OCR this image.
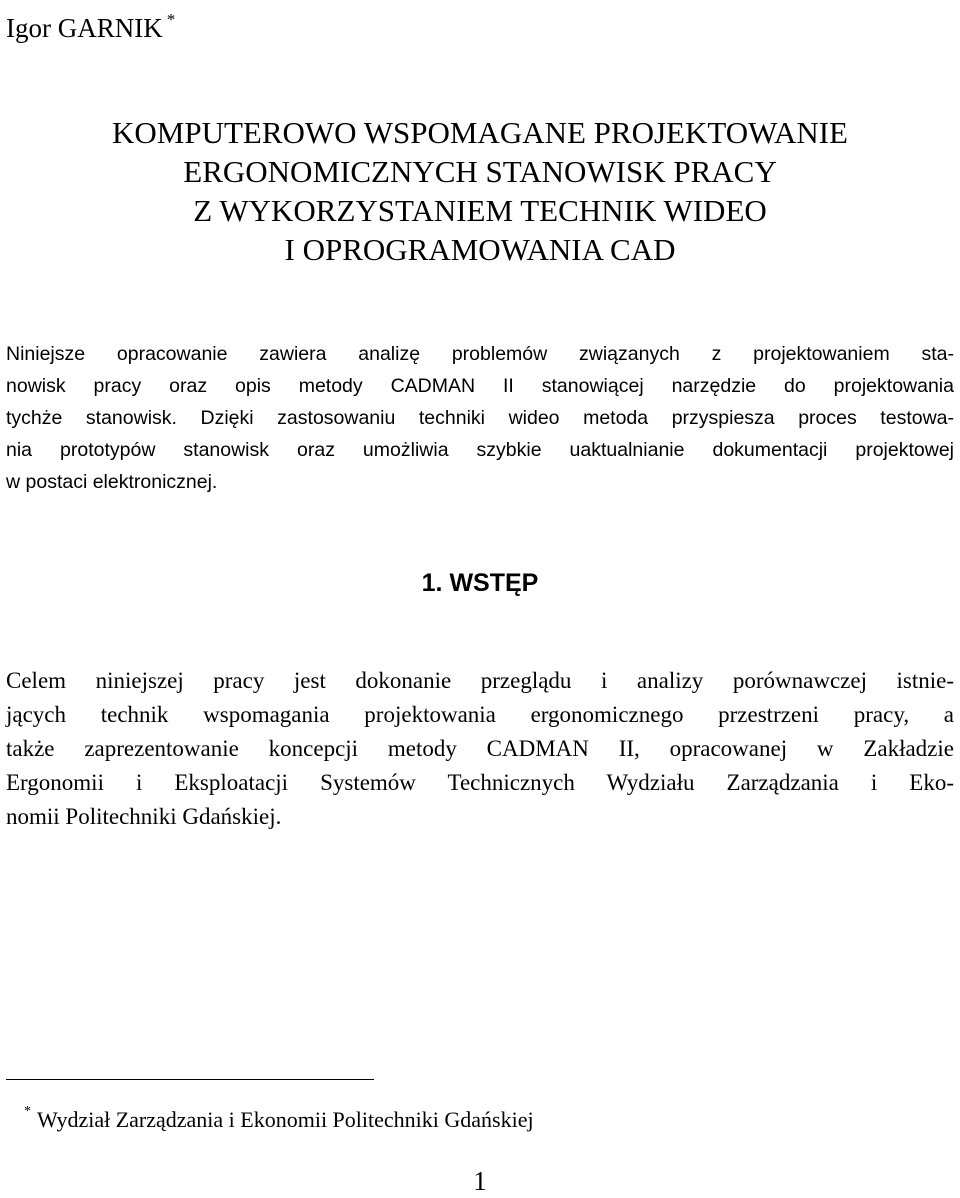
Igor GARNIK *
KOMPUTEROWO WSPOMAGANE PROJEKTOWANIE
ERGONOMICZNYCH STANOWISK PRACY
Z WYKORZYSTANIEM TECHNIK WIDEO
I OPROGRAMOWANIA CAD
Niniejsze opracowanie zawiera analizę problemów związanych z projektowaniem sta-
nowisk pracy oraz opis metody CADMAN II stanowiącej narzędzie do projektowania
tychże stanowisk. Dzięki zastosowaniu techniki wideo metoda przyspiesza proces testowa-
nia prototypów stanowisk oraz umożliwia szybkie uaktualnianie dokumentacji projektowej
w postaci elektronicznej.
1. WSTĘP
Celem niniejszej pracy jest dokonanie przeglądu i analizy porównawczej istnie-
jących technik wspomagania projektowania ergonomicznego przestrzeni pracy, a
także zaprezentowanie koncepcji metody CADMAN II, opracowanej w Zakładzie
Ergonomii i Eksploatacji Systemów Technicznych Wydziału Zarządzania i Eko-
nomii Politechniki Gdańskiej.
* Wydział Zarządzania i Ekonomii Politechniki Gdańskiej
1
